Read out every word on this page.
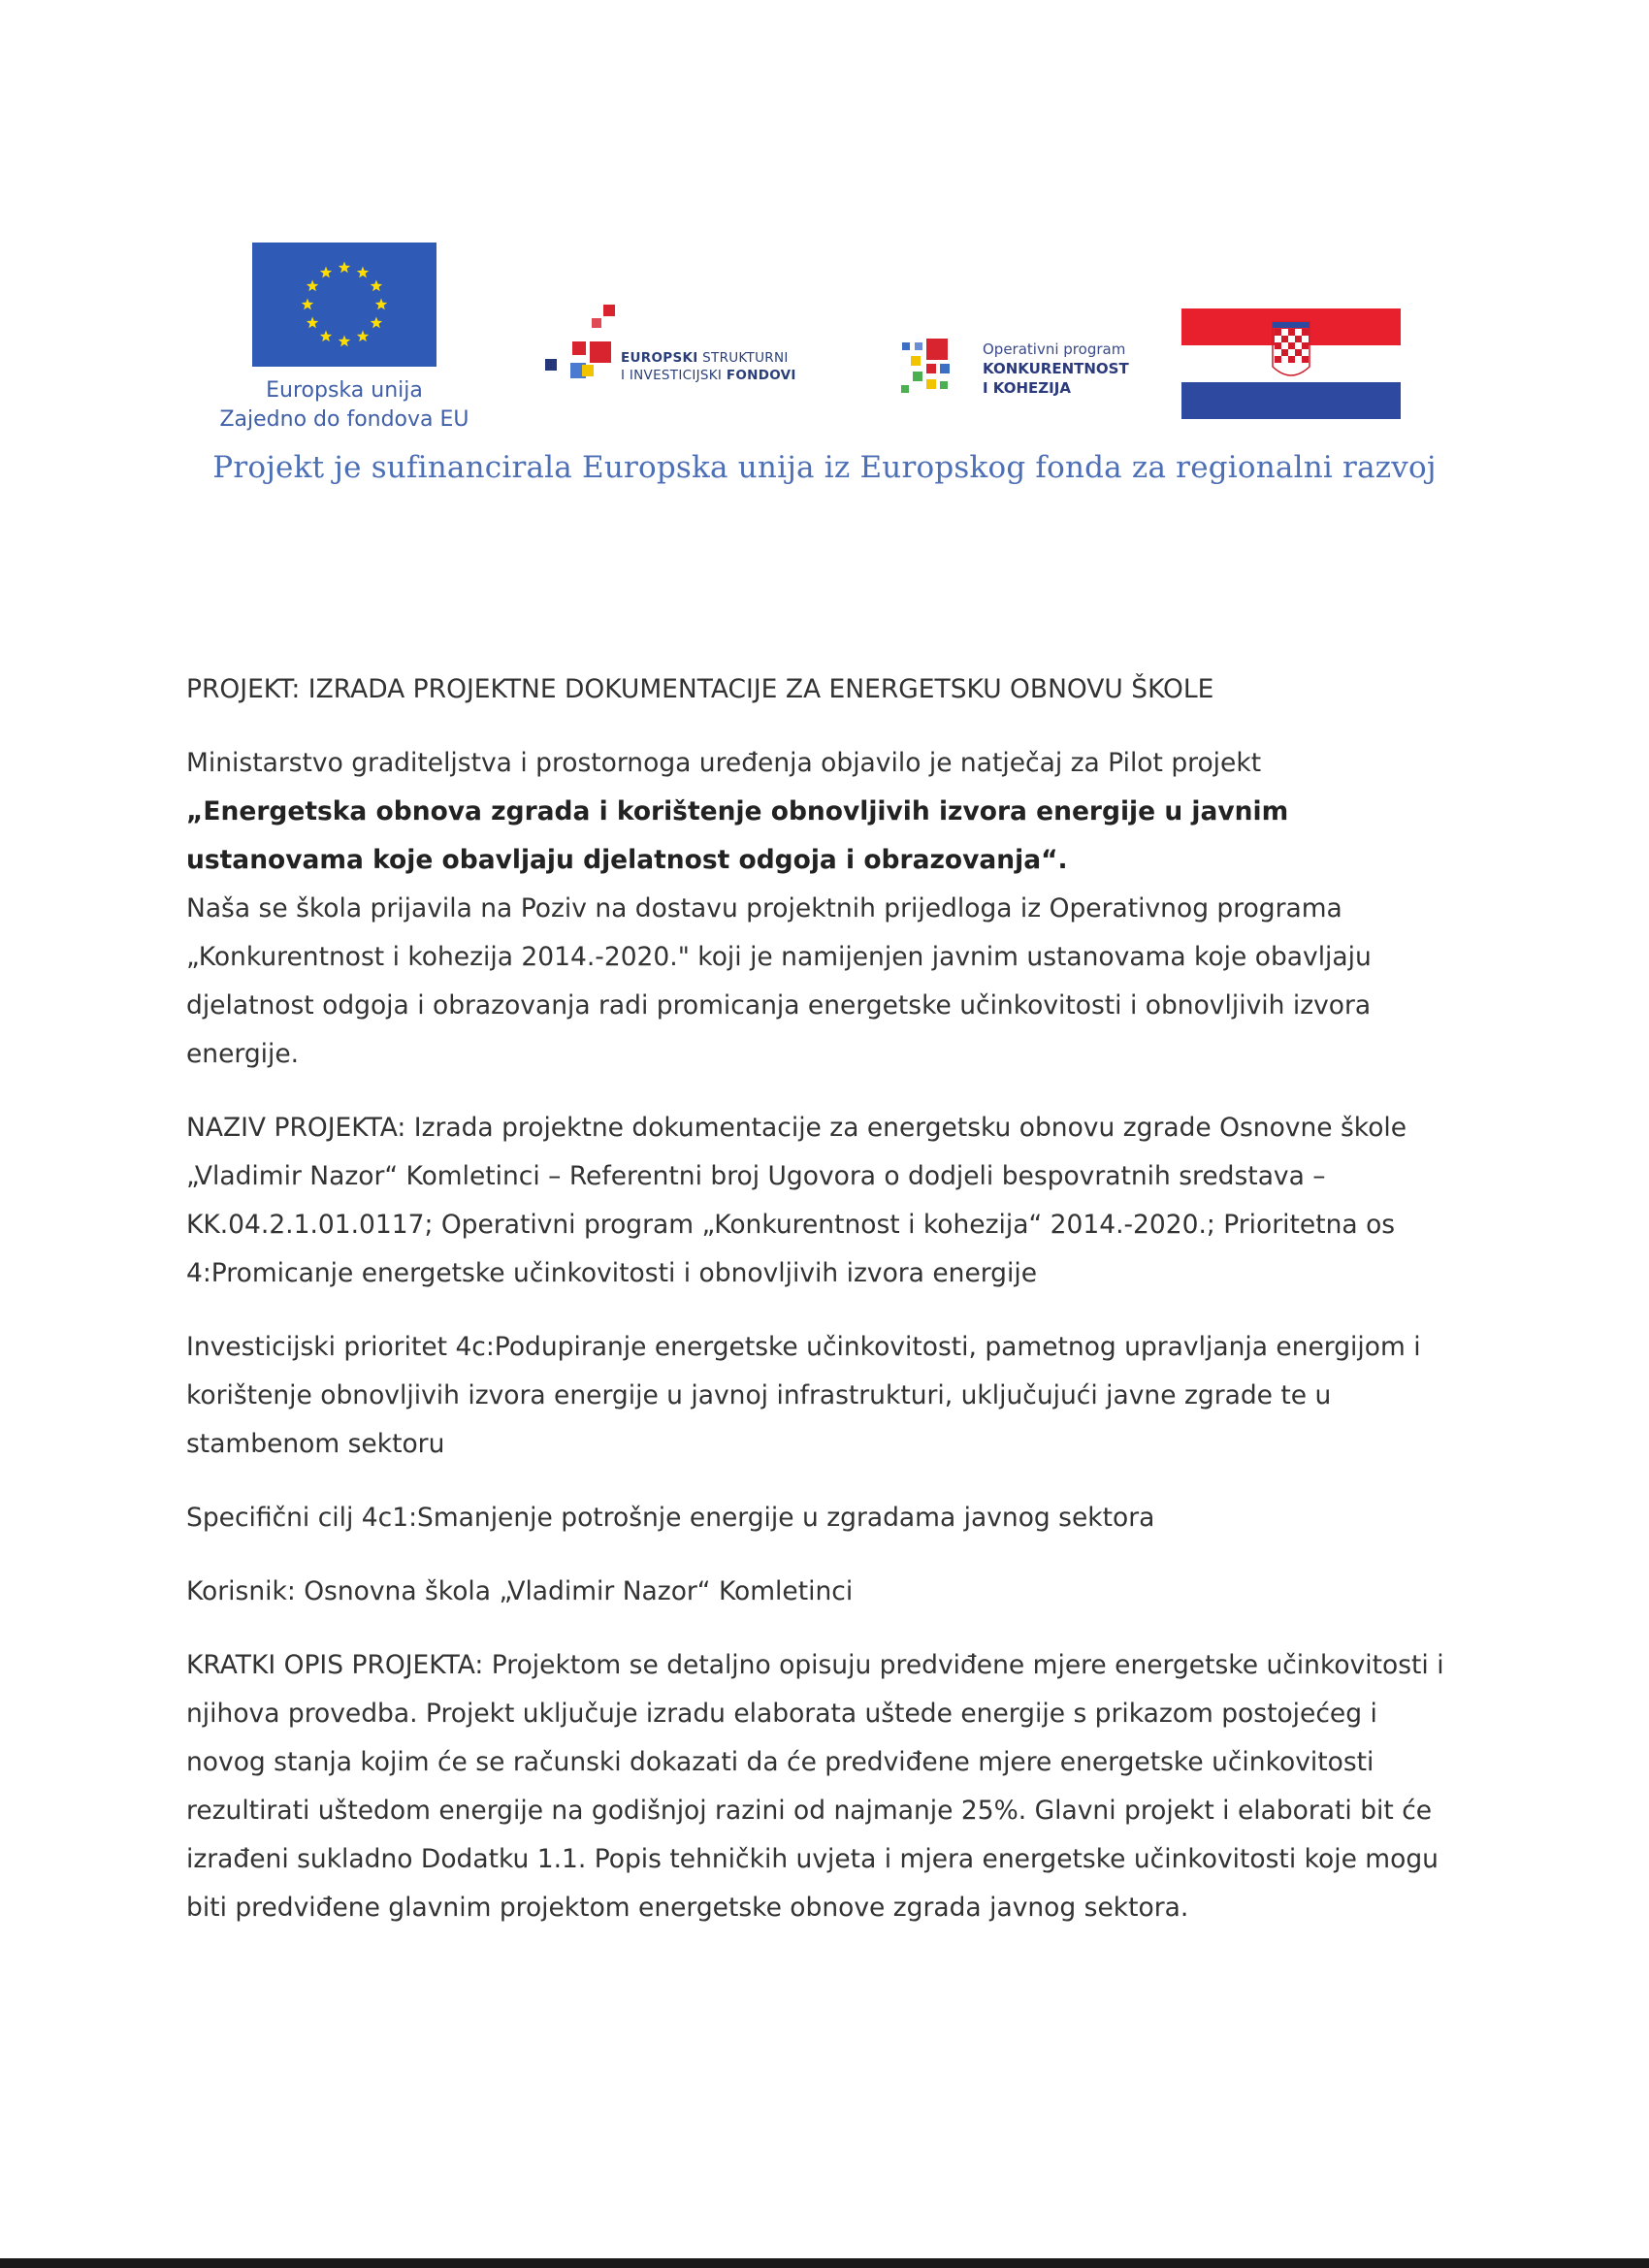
Europska unija
Zajedno do fondova EU
EUROPSKI STRUKTURNI
I INVESTICIJSKI FONDOVI
Operativni program
KONKURENTNOST
I KOHEZIJA
Projekt je sufinancirala Europska unija iz Europskog fonda za regionalni razvoj

PROJEKT: IZRADA PROJEKTNE DOKUMENTACIJE ZA ENERGETSKU OBNOVU ŠKOLE

Ministarstvo graditeljstva i prostornoga uređenja objavilo je natječaj za Pilot projekt

„Energetska obnova zgrada i korištenje obnovljivih izvora energije u javnim ustanovama koje obavljaju djelatnost odgoja i obrazovanja“.

Naša se škola prijavila na Poziv na dostavu projektnih prijedloga iz Operativnog programa „Konkurentnost i kohezija 2014.-2020." koji je namijenjen javnim ustanovama koje obavljaju djelatnost odgoja i obrazovanja radi promicanja energetske učinkovitosti i obnovljivih izvora energije.

NAZIV PROJEKTA: Izrada projektne dokumentacije za energetsku obnovu zgrade Osnovne škole „Vladimir Nazor“ Komletinci – Referentni broj Ugovora o dodjeli bespovratnih sredstava – KK.04.2.1.01.0117; Operativni program „Konkurentnost i kohezija“ 2014.-2020.; Prioritetna os 4:Promicanje energetske učinkovitosti i obnovljivih izvora energije

Investicijski prioritet 4c:Podupiranje energetske učinkovitosti, pametnog upravljanja energijom i korištenje obnovljivih izvora energije u javnoj infrastrukturi, uključujući javne zgrade te u stambenom sektoru

Specifični cilj 4c1:Smanjenje potrošnje energije u zgradama javnog sektora

Korisnik: Osnovna škola „Vladimir Nazor“ Komletinci

KRATKI OPIS PROJEKTA: Projektom se detaljno opisuju predviđene mjere energetske učinkovitosti i njihova provedba. Projekt uključuje izradu elaborata uštede energije s prikazom postojećeg i novog stanja kojim će se računski dokazati da će predviđene mjere energetske učinkovitosti rezultirati uštedom energije na godišnjoj razini od najmanje 25%. Glavni projekt i elaborati bit će izrađeni sukladno Dodatku 1.1. Popis tehničkih uvjeta i mjera energetske učinkovitosti koje mogu biti predviđene glavnim projektom energetske obnove zgrada javnog sektora.
